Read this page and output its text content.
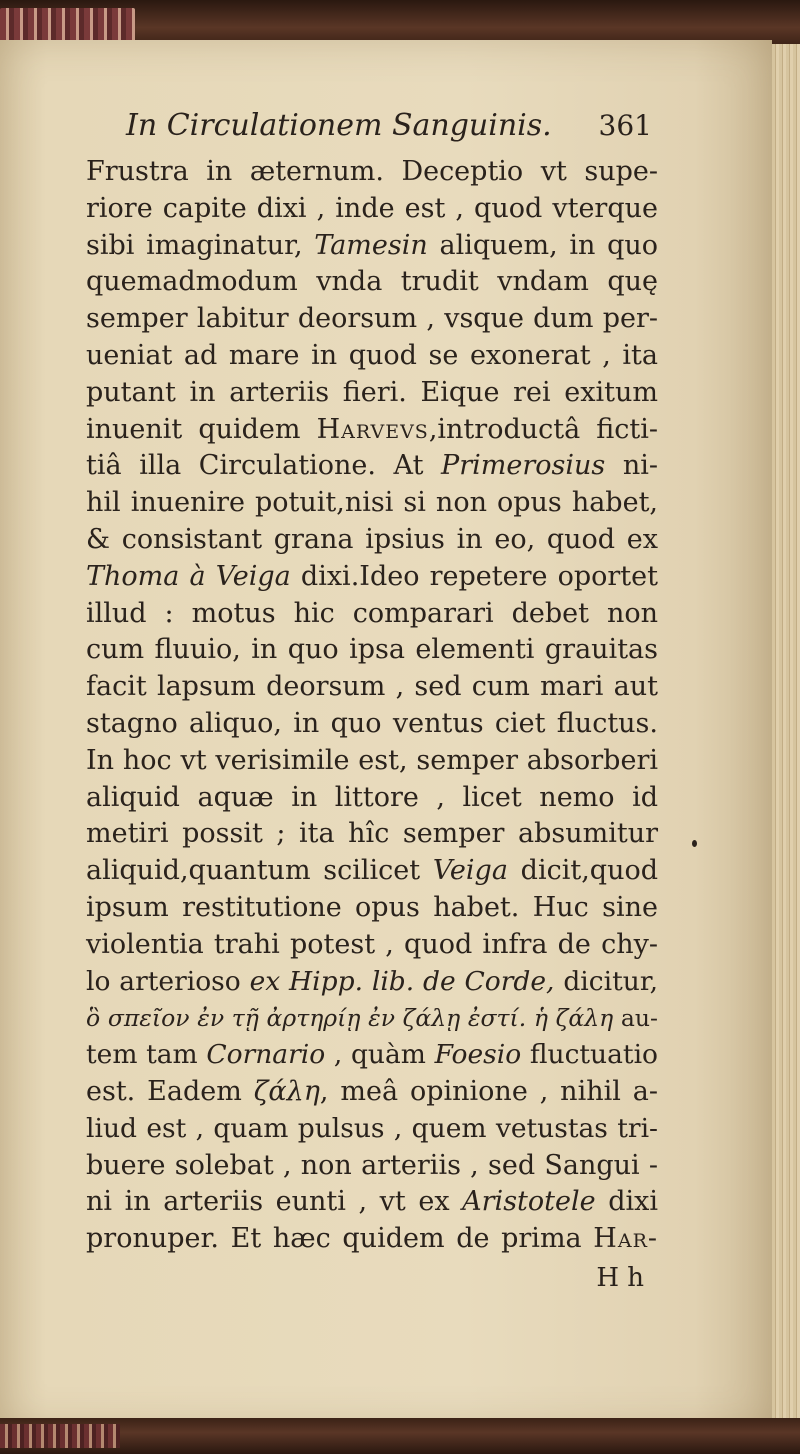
In Circulationem Sanguinis. 361
Frustra in æternum. Deceptio vt supe-
riore capite dixi , inde est , quod vterque
sibi imaginatur, Tamesin aliquem, in quo
quemadmodum vnda trudit vndam quę
semper labitur deorsum , vsque dum per-
ueniat ad mare in quod se exonerat , ita
putant in arteriis fieri. Eique rei exitum
inuenit quidem Harvevs,introductâ ficti-
tiâ illa Circulatione. At Primerosius ni-
hil inuenire potuit,nisi si non opus habet,
& consistant grana ipsius in eo, quod ex
Thoma à Veiga dixi.Ideo repetere oportet
illud : motus hic comparari debet non
cum fluuio, in quo ipsa elementi grauitas
facit lapsum deorsum , sed cum mari aut
stagno aliquo, in quo ventus ciet fluctus.
In hoc vt verisimile est, semper absorberi
aliquid aquæ in littore , licet nemo id
metiri possit ; ita hîc semper absumitur
aliquid,quantum scilicet Veiga dicit,quod
ipsum restitutione opus habet. Huc sine
violentia trahi potest , quod infra de chy-
lo arterioso ex Hipp. lib. de Corde, dicitur,
ὃ σπεῖον ἐν τῇ ἀρτηρίῃ ἐν ζάλῃ ἐστί. ἡ ζάλη au-
tem tam Cornario , quàm Foesio fluctuatio
est. Eadem ζάλη, meâ opinione , nihil a-
liud est , quam pulsus , quem vetustas tri-
buere solebat , non arteriis , sed Sangui -
ni in arteriis eunti , vt ex Aristotele dixi
pronuper. Et hæc quidem de prima Har-
H h
